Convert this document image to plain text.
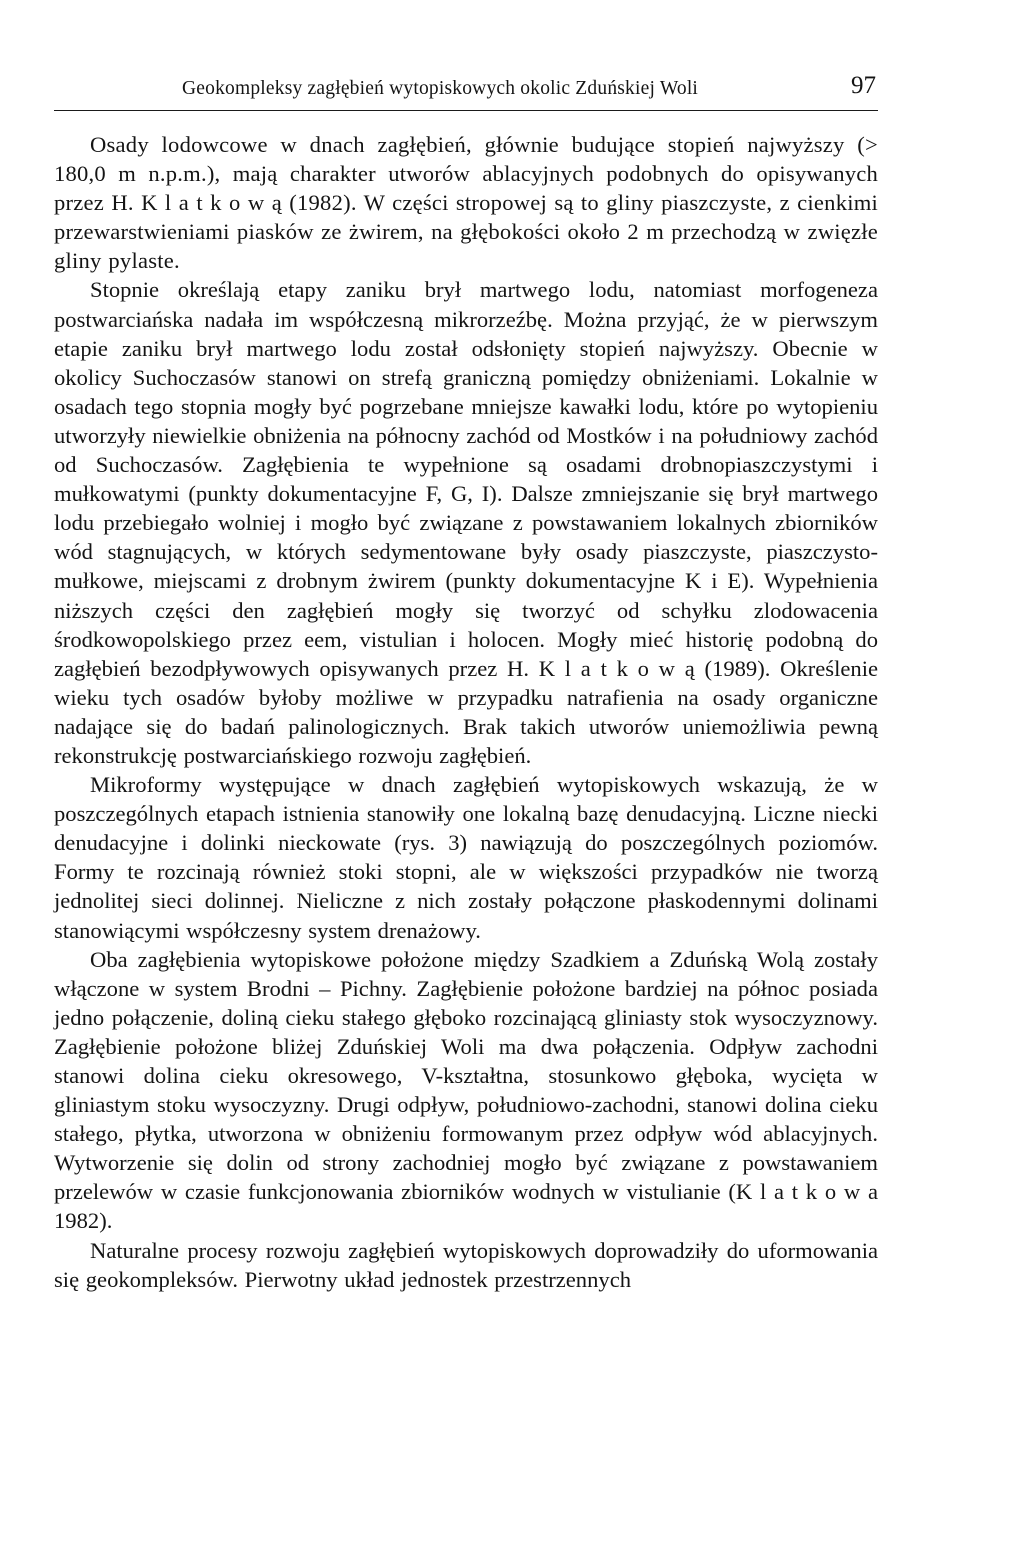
Geokompleksy zagłębień wytopiskowych okolic Zduńskiej Woli	97

Osady lodowcowe w dnach zagłębień, głównie budujące stopień najwyższy (> 180,0 m n.p.m.), mają charakter utworów ablacyjnych podobnych do opisywanych przez H. K l a t k o w ą (1982). W części stropowej są to gliny piaszczyste, z cienkimi przewarstwieniami piasków ze żwirem, na głębokości około 2 m przechodzą w zwięzłe gliny pylaste.

Stopnie określają etapy zaniku brył martwego lodu, natomiast morfogeneza postwarciańska nadała im współczesną mikrorzeźbę. Można przyjąć, że w pierwszym etapie zaniku brył martwego lodu został odsłonięty stopień najwyższy. Obecnie w okolicy Suchoczasów stanowi on strefą graniczną pomiędzy obniżeniami. Lokalnie w osadach tego stopnia mogły być pogrzebane mniejsze kawałki lodu, które po wytopieniu utworzyły niewielkie obniżenia na północny zachód od Mostków i na południowy zachód od Suchoczasów. Zagłębienia te wypełnione są osadami drobnopiaszczystymi i mułkowatymi (punkty dokumentacyjne F, G, I). Dalsze zmniejszanie się brył martwego lodu przebiegało wolniej i mogło być związane z powstawaniem lokalnych zbiorników wód stagnujących, w których sedymentowane były osady piaszczyste, piaszczysto-mułkowe, miejscami z drobnym żwirem (punkty dokumentacyjne K i E). Wypełnienia niższych części den zagłębień mogły się tworzyć od schyłku zlodowacenia środkowopolskiego przez eem, vistulian i holocen. Mogły mieć historię podobną do zagłębień bezodpływowych opisywanych przez H. K l a t k o w ą (1989). Określenie wieku tych osadów byłoby możliwe w przypadku natrafienia na osady organiczne nadające się do badań palinologicznych. Brak takich utworów uniemożliwia pewną rekonstrukcję postwarciańskiego rozwoju zagłębień.

Mikroformy występujące w dnach zagłębień wytopiskowych wskazują, że w poszczególnych etapach istnienia stanowiły one lokalną bazę denudacyjną. Liczne niecki denudacyjne i dolinki nieckowate (rys. 3) nawiązują do poszczególnych poziomów. Formy te rozcinają również stoki stopni, ale w większości przypadków nie tworzą jednolitej sieci dolinnej. Nieliczne z nich zostały połączone płaskodennymi dolinami stanowiącymi współczesny system drenażowy.

Oba zagłębienia wytopiskowe położone między Szadkiem a Zduńską Wolą zostały włączone w system Brodni – Pichny. Zagłębienie położone bardziej na północ posiada jedno połączenie, doliną cieku stałego głęboko rozcinającą gliniasty stok wysoczyznowy. Zagłębienie położone bliżej Zduńskiej Woli ma dwa połączenia. Odpływ zachodni stanowi dolina cieku okresowego, V-kształtna, stosunkowo głęboka, wycięta w gliniastym stoku wysoczyzny. Drugi odpływ, południowo-zachodni, stanowi dolina cieku stałego, płytka, utworzona w obniżeniu formowanym przez odpływ wód ablacyjnych. Wytworzenie się dolin od strony zachodniej mogło być związane z powstawaniem przelewów w czasie funkcjonowania zbiorników wodnych w vistulianie (K l a t k o w a 1982).

Naturalne procesy rozwoju zagłębień wytopiskowych doprowadziły do uformowania się geokompleksów. Pierwotny układ jednostek przestrzennych
